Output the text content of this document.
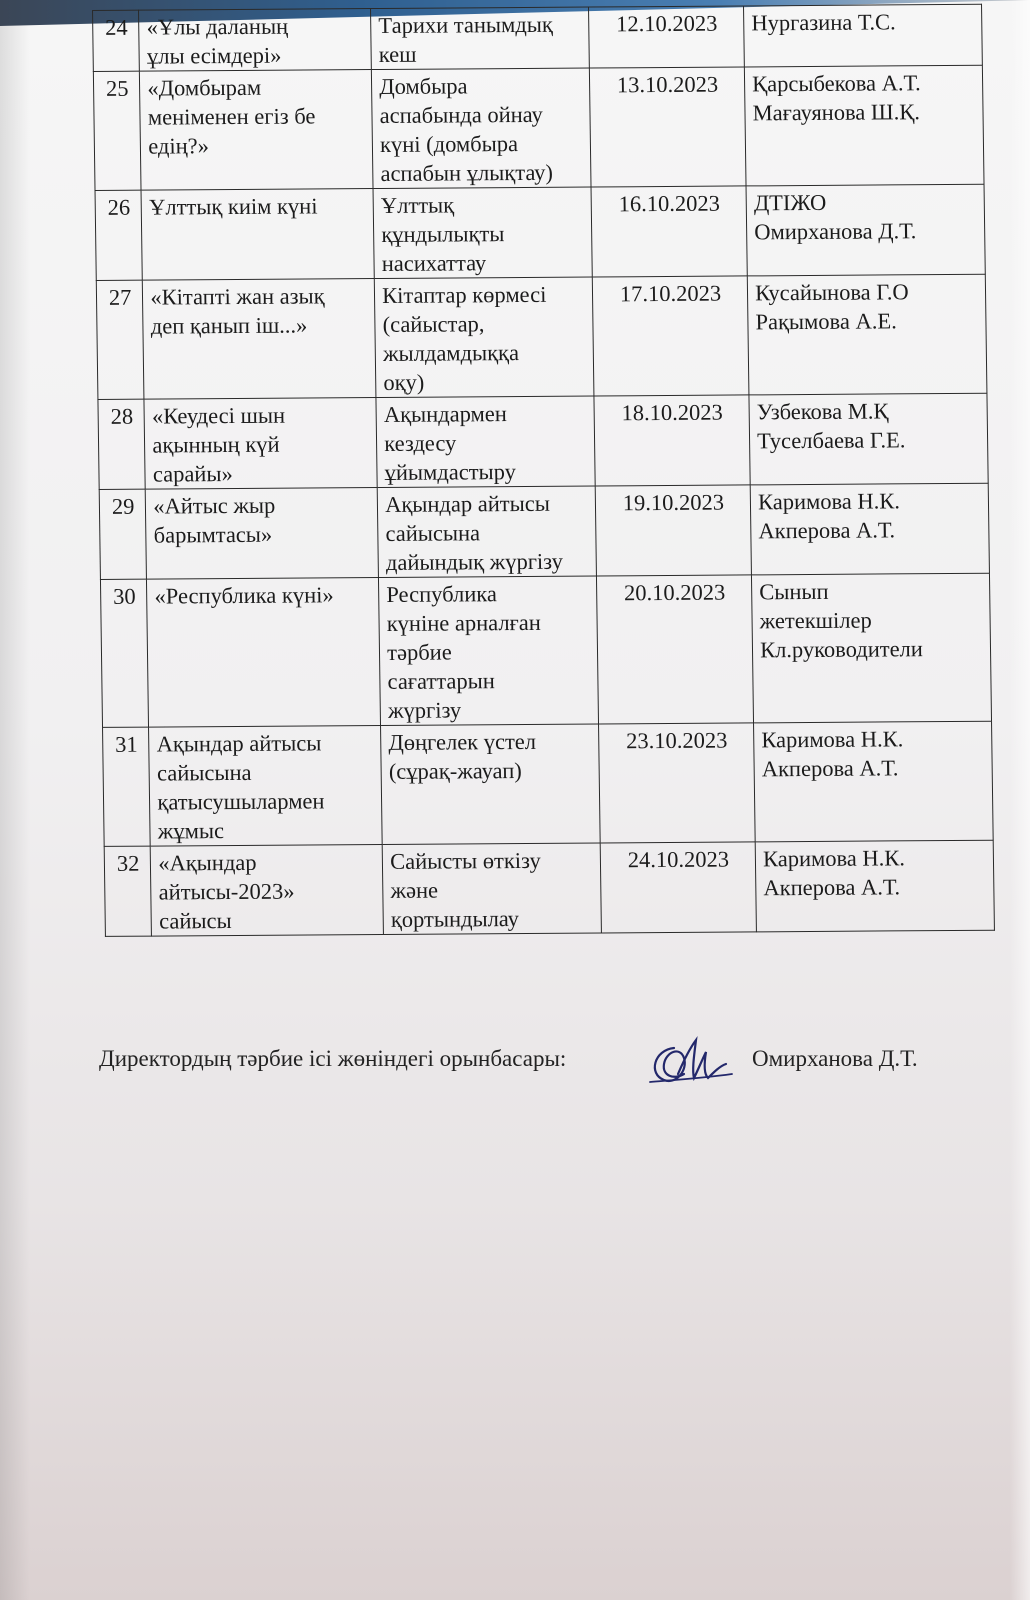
24	«Ұлы даланың
ұлы есімдері»	Тарихи танымдық
кеш	12.10.2023	Нургазина Т.С.

25	«Домбырам
меніменен егіз бе
едің?»	Домбыра
аспабында ойнау
күні (домбыра
аспабын ұлықтау)	13.10.2023	Қарсыбекова А.Т.
Мағауянова Ш.Қ.

26	Ұлттық киім күні	Ұлттық
құндылықты
насихаттау	16.10.2023	ДТІЖО
Омирханова Д.Т.

27	«Кітапті жан азық
деп қанып іш...»	Кітаптар көрмесі
(сайыстар,
жылдамдыққа
оқу)	17.10.2023	Кусайынова Г.О
Рақымова А.Е.

28	«Кеудесі шын
ақынның күй
сарайы»	Ақындармен
кездесу
ұйымдастыру	18.10.2023	Узбекова М.Қ
Туселбаева Г.Е.

29	«Айтыс жыр
барымтасы»	Ақындар айтысы
сайысына
дайындық жүргізу	19.10.2023	Каримова Н.К.
Акперова А.Т.

30	«Республика күні»	Республика
күніне арналған
тәрбие
сағаттарын
жүргізу	20.10.2023	Сынып
жетекшілер
Кл.руководители

31	Ақындар айтысы
сайысына
қатысушылармен
жұмыс	Дөңгелек үстел
(сұрақ-жауап)	23.10.2023	Каримова Н.К.
Акперова А.Т.

32	«Ақындар
айтысы-2023»
сайысы	Сайысты өткізу
және
қортындылау	24.10.2023	Каримова Н.К.
Акперова А.Т.
Директордың тәрбие ісі жөніндегі орынбасары:	Омирханова Д.Т.
